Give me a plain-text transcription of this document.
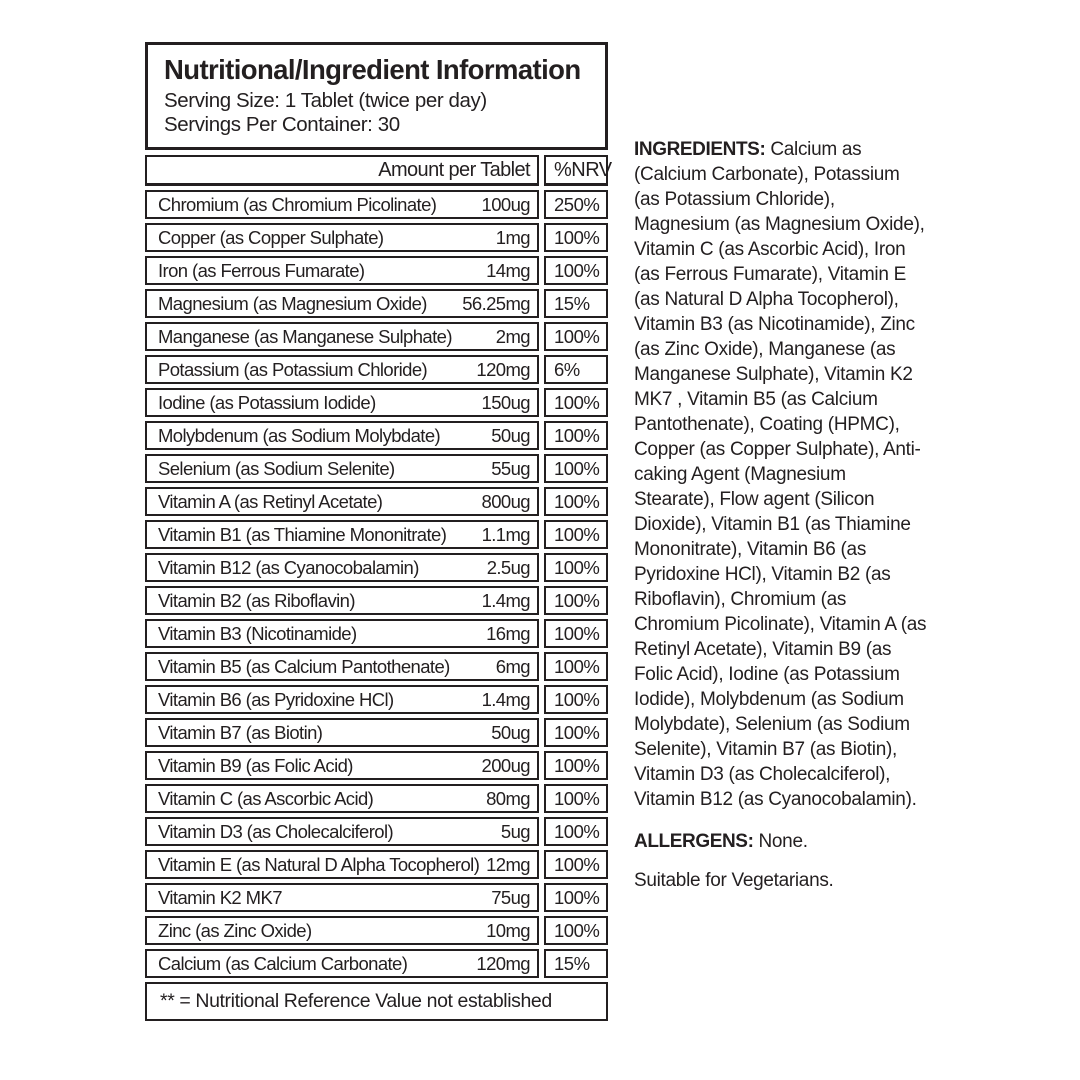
Nutritional/Ingredient Information

Serving Size: 1 Tablet (twice per day)

Servings Per Container: 30

Amount per Tablet %NRV
Chromium (as Chromium Picolinate) 100ug	250%
Copper (as Copper Sulphate)	1mg	100%
Iron (as Ferrous Fumarate)	14mg	100%
Magnesium (as Magnesium Oxide) 56.25mg	15%
Manganese (as Manganese Sulphate) 2mg	100%
Potassium (as Potassium Chloride)	120mg	6%
Iodine (as Potassium Iodide)	150ug	100%
Molybdenum (as Sodium Molybdate)	50ug	100%
Selenium (as Sodium Selenite)	55ug	100%
Vitamin A (as Retinyl Acetate)	800ug	100%
Vitamin B1 (as Thiamine Mononitrate) 1.1mg	100%
Vitamin B12 (as Cyanocobalamin)	2.5ug	100%
Vitamin B2 (as Riboflavin)	1.4mg	100%
Vitamin B3 (Nicotinamide)	16mg	100%
Vitamin B5 (as Calcium Pantothenate) 6mg	100%
Vitamin B6 (as Pyridoxine HCl)	1.4mg	100%
Vitamin B7 (as Biotin)	50ug	100%
Vitamin B9 (as Folic Acid)	200ug	100%
Vitamin C (as Ascorbic Acid)	80mg	100%
Vitamin D3 (as Cholecalciferol)	5ug	100%
Vitamin E (as Natural D Alpha Tocopherol) 12mg	100%
Vitamin K2 MK7	75ug	100%
Zinc (as Zinc Oxide)	10mg	100%
Calcium (as Calcium Carbonate)	120mg	15%
** = Nutritional Reference Value not established

INGREDIENTS: Calcium as (Calcium Carbonate), Potassium (as Potassium Chloride), Magnesium (as Magnesium Oxide), Vitamin C (as Ascorbic Acid), Iron (as Ferrous Fumarate), Vitamin E (as Natural D Alpha Tocopherol), Vitamin B3 (as Nicotinamide), Zinc (as Zinc Oxide), Manganese (as Manganese Sulphate), Vitamin K2 MK7 , Vitamin B5 (as Calcium Pantothenate), Coating (HPMC), Copper (as Copper Sulphate), Anti-caking Agent (Magnesium Stearate), Flow agent (Silicon Dioxide), Vitamin B1 (as Thiamine Mononitrate), Vitamin B6 (as Pyridoxine HCl), Vitamin B2 (as Riboflavin), Chromium (as Chromium Picolinate), Vitamin A (as Retinyl Acetate), Vitamin B9 (as Folic Acid), Iodine (as Potassium Iodide), Molybdenum (as Sodium Molybdate), Selenium (as Sodium Selenite), Vitamin B7 (as Biotin), Vitamin D3 (as Cholecalciferol), Vitamin B12 (as Cyanocobalamin).

ALLERGENS: None.

Suitable for Vegetarians.
